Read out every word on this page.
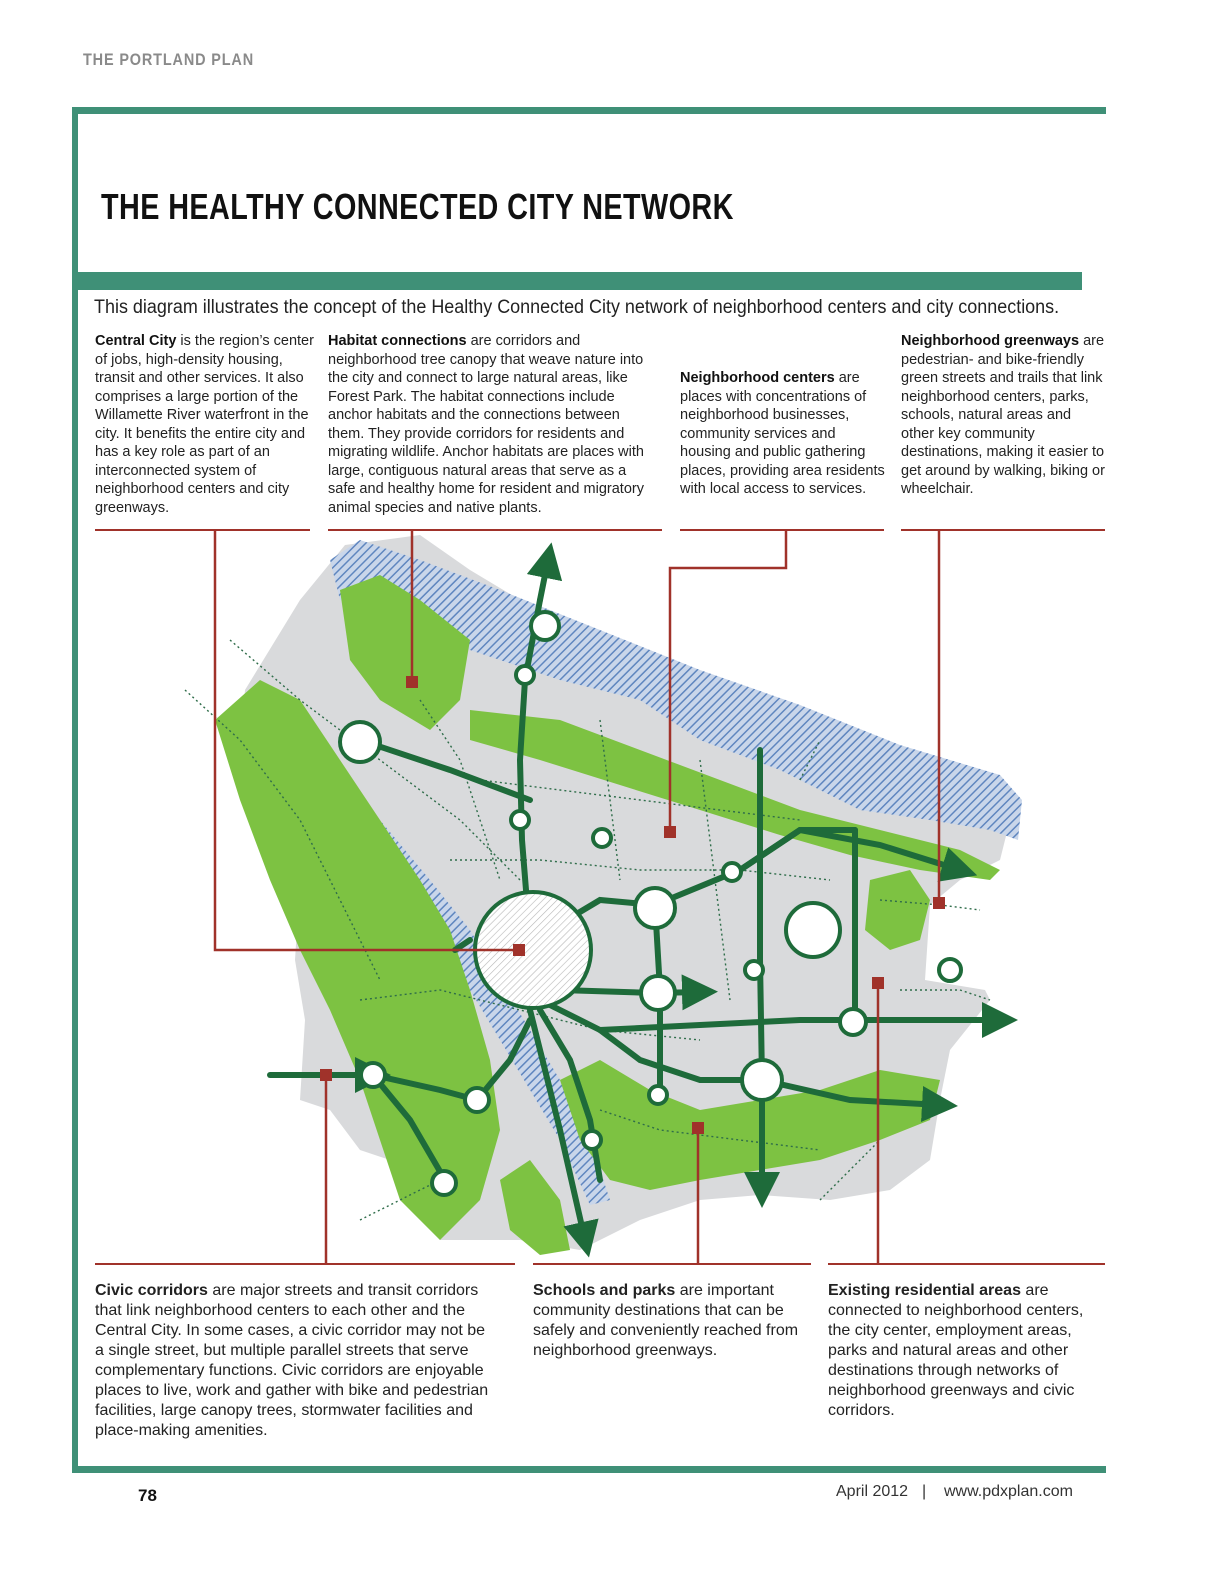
THE PORTLAND PLAN
THE HEALTHY CONNECTED CITY NETWORK
This diagram illustrates the concept of the Healthy Connected City network of neighborhood centers and city connections.
Central City is the region’s center of jobs, high-density housing, transit and other services. It also comprises a large portion of the Willamette River waterfront in the city. It benefits the entire city and has a key role as part of an interconnected system of neighborhood centers and city greenways.
Habitat connections are corridors and neighborhood tree canopy that weave nature into the city and connect to large natural areas, like Forest Park. The habitat connections include anchor habitats and the connections between them. They provide corridors for residents and migrating wildlife. Anchor habitats are places with large, contiguous natural areas that serve as a safe and healthy home for resident and migratory animal species and native plants.
Neighborhood centers are places with concentrations of neighborhood businesses, community services and housing and public gathering places, providing area residents with local access to services.
Neighborhood greenways are pedestrian- and bike-friendly green streets and trails that link neighborhood centers, parks, schools, natural areas and other key community destinations, making it easier to get around by walking, biking or wheelchair.
Civic corridors are major streets and transit corridors that link neighborhood centers to each other and the Central City. In some cases, a civic corridor may not be a single street, but multiple parallel streets that serve complementary functions. Civic corridors are enjoyable places to live, work and gather with bike and pedestrian facilities, large canopy trees, stormwater facilities and place-making amenities.
Schools and parks are important community destinations that can be safely and conveniently reached from neighborhood greenways.
Existing residential areas are connected to neighborhood centers, the city center, employment areas, parks and natural areas and other destinations through networks of neighborhood greenways and civic corridors.
78	April 2012 | www.pdxplan.com
